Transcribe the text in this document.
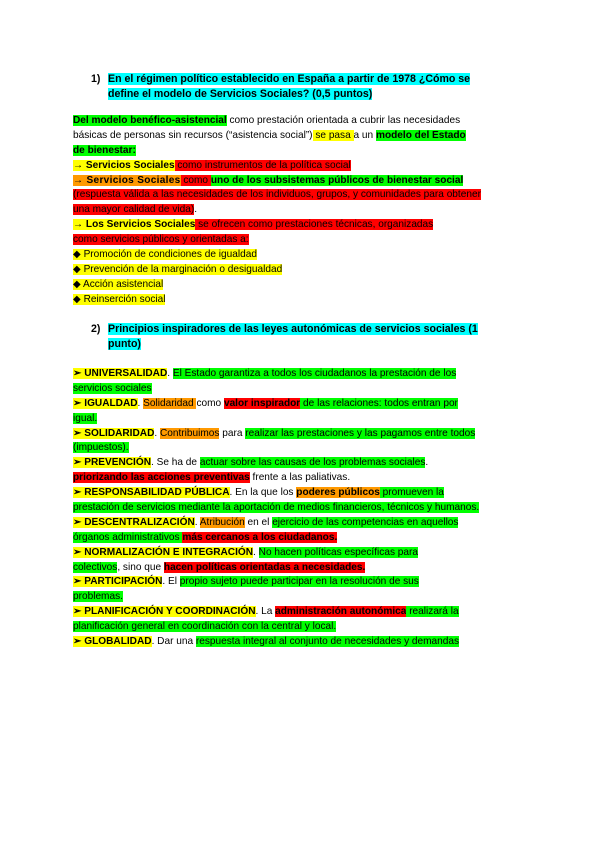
1) En el régimen político establecido en España a partir de 1978 ¿Cómo se
define el modelo de Servicios Sociales? (0,5 puntos)
Del modelo benéfico-asistencial como prestación orientada a cubrir las necesidades
básicas de personas sin recursos (“asistencia social”) se pasa a un modelo del Estado
de bienestar:
→ Servicios Sociales como instrumentos de la política social
→ Servicios Sociales como uno de los subsistemas públicos de bienestar social
(respuesta válida a las necesidades de los individuos, grupos, y comunidades para obtener
una mayor calidad de vida).
→ Los Servicios Sociales se ofrecen como prestaciones técnicas, organizadas
como servicios públicos y orientadas a:
◆ Promoción de condiciones de igualdad
◆ Prevención de la marginación o desigualdad
◆ Acción asistencial
◆ Reinserción social
2) Principios inspiradores de las leyes autonómicas de servicios sociales (1
punto)
➢ UNIVERSALIDAD. El Estado garantiza a todos los ciudadanos la prestación de los
servicios sociales
➢ IGUALDAD. Solidaridad como valor inspirador de las relaciones: todos entran por
igual.
➢ SOLIDARIDAD. Contribuimos para realizar las prestaciones y las pagamos entre todos
(impuestos).
➢ PREVENCIÓN. Se ha de actuar sobre las causas de los problemas sociales.
priorizando las acciones preventivas frente a las paliativas.
➢ RESPONSABILIDAD PÚBLICA. En la que los poderes públicos promueven la
prestación de servicios mediante la aportación de medios financieros, técnicos y humanos.
➢ DESCENTRALIZACIÓN. Atribución en el ejercicio de las competencias en aquellos
órganos administrativos más cercanos a los ciudadanos.
➢ NORMALIZACIÓN E INTEGRACIÓN. No hacen políticas específicas para
colectivos, sino que hacen políticas orientadas a necesidades.
➢ PARTICIPACIÓN. El propio sujeto puede participar en la resolución de sus
problemas.
➢ PLANIFICACIÓN Y COORDINACIÓN. La administración autonómica realizará la
planificación general en coordinación con la central y local.
➢ GLOBALIDAD. Dar una respuesta integral al conjunto de necesidades y demandas
